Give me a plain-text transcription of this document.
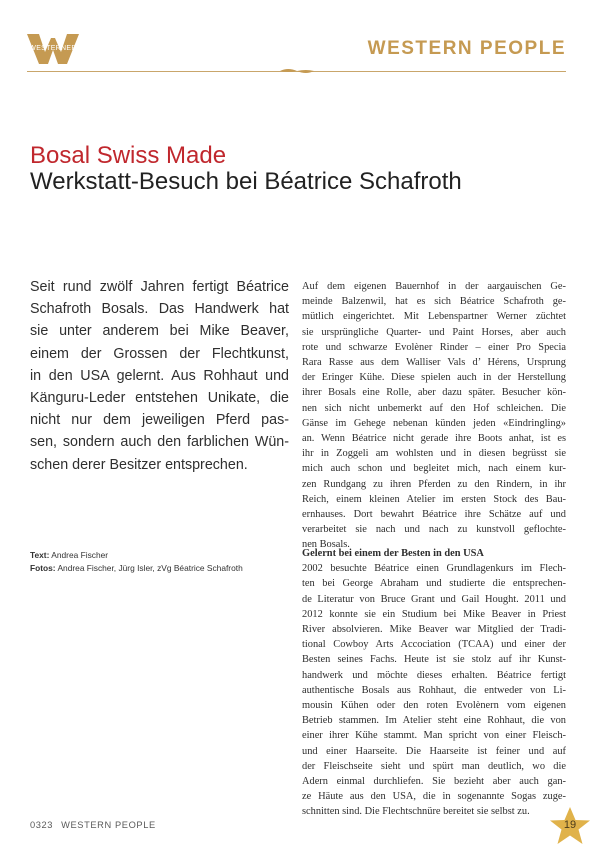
WESTERNER	WESTERN PEOPLE
Bosal Swiss Made
Werkstatt-Besuch bei Béatrice Schafroth
Seit rund zwölf Jahren fertigt Béatrice
Schafroth Bosals. Das Handwerk hat
sie unter anderem bei Mike Beaver,
einem der Grossen der Flechtkunst,
in den USA gelernt. Aus Rohhaut und
Känguru-Leder entstehen Unikate, die
nicht nur dem jeweiligen Pferd pas-
sen, sondern auch den farblichen Wün-
schen derer Besitzer entsprechen.
Text: Andrea Fischer
Fotos: Andrea Fischer, Jürg Isler, zVg Béatrice Schafroth
Auf dem eigenen Bauernhof in der aargauischen Ge-
meinde Balzenwil, hat es sich Béatrice Schafroth ge-
mütlich eingerichtet. Mit Lebenspartner Werner züchtet
sie ursprüngliche Quarter- und Paint Horses, aber auch
rote und schwarze Evolèner Rinder – einer Pro Specia
Rara Rasse aus dem Walliser Vals d’ Hérens, Ursprung
der Eringer Kühe. Diese spielen auch in der Herstellung
ihrer Bosals eine Rolle, aber dazu später. Besucher kön-
nen sich nicht unbemerkt auf den Hof schleichen. Die
Gänse im Gehege nebenan künden jeden «Eindringling»
an. Wenn Béatrice nicht gerade ihre Boots anhat, ist es
ihr in Zoggeli am wohlsten und in diesen begrüsst sie
mich auch schon und begleitet mich, nach einem kur-
zen Rundgang zu ihren Pferden zu den Rindern, in ihr
Reich, einem kleinen Atelier im ersten Stock des Bau-
ernhauses. Dort bewahrt Béatrice ihre Schätze auf und
verarbeitet sie nach und nach zu kunstvoll geflochte-
nen Bosals.
Gelernt bei einem der Besten in den USA
2002 besuchte Béatrice einen Grundlagenkurs im Flech-
ten bei George Abraham und studierte die entsprechen-
de Literatur von Bruce Grant und Gail Hought. 2011 und
2012 konnte sie ein Studium bei Mike Beaver in Priest
River absolvieren. Mike Beaver war Mitglied der Tradi-
tional Cowboy Arts Accociation (TCAA) und einer der
Besten seines Fachs. Heute ist sie stolz auf ihr Kunst-
handwerk und möchte dieses erhalten. Béatrice fertigt
authentische Bosals aus Rohhaut, die entweder von Li-
mousin Kühen oder den roten Evolènern vom eigenen
Betrieb stammen. Im Atelier steht eine Rohhaut, die von
einer ihrer Kühe stammt. Man spricht von einer Fleisch-
und einer Haarseite. Die Haarseite ist feiner und auf
der Fleischseite sieht und spürt man deutlich, wo die
Adern einmal durchliefen. Sie bezieht aber auch gan-
ze Häute aus den USA, die in sogenannte Sogas zuge-
schnitten sind. Die Flechtschnüre bereitet sie selbst zu.
0323 WESTERN PEOPLE	19
